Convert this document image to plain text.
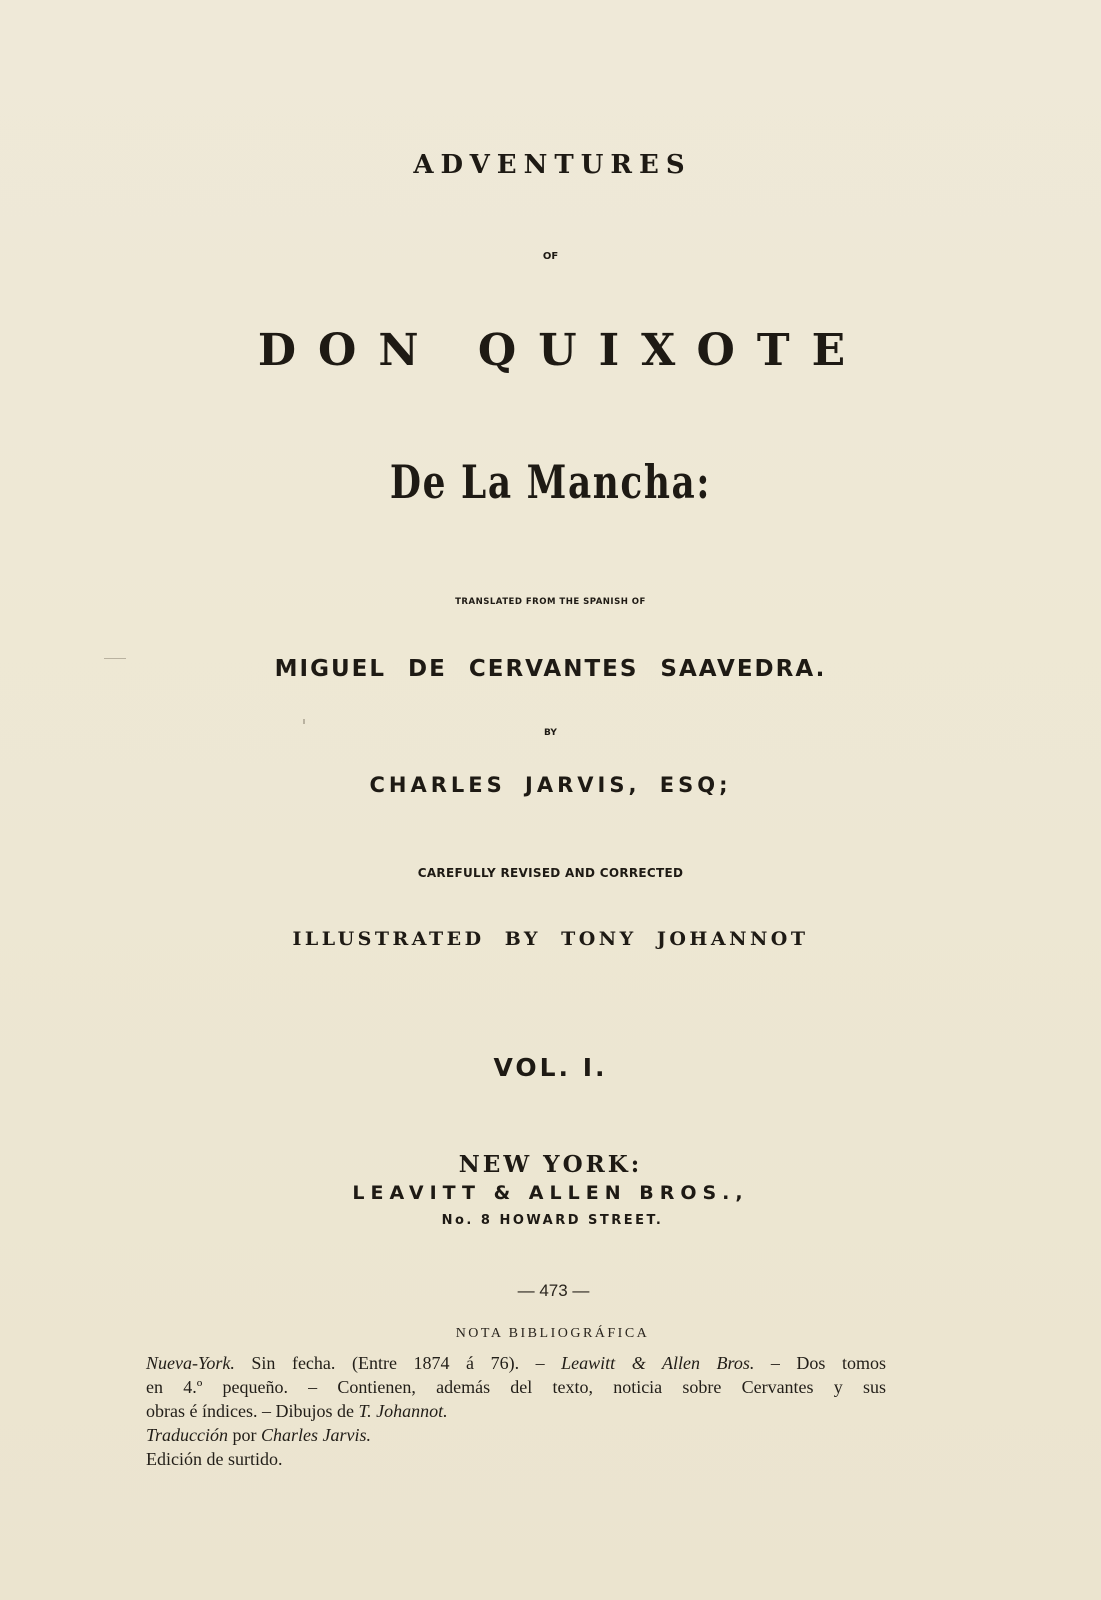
ADVENTURES
OF
DON QUIXOTE
De La Mancha:
TRANSLATED FROM THE SPANISH OF
MIGUEL DE CERVANTES SAAVEDRA.
BY
CHARLES JARVIS, ESQ;
CAREFULLY REVISED AND CORRECTED
ILLUSTRATED BY TONY JOHANNOT
VOL. I.
NEW YORK:
LEAVITT & ALLEN BROS.,
No. 8 HOWARD STREET.
— 473 —
NOTA BIBLIOGRÁFICA

Nueva-York. Sin fecha. (Entre 1874 á 76). – Leawitt & Allen Bros. – Dos tomos

en 4.º pequeño. – Contienen, además del texto, noticia sobre Cervantes y sus

obras é índices. – Dibujos de T. Johannot.

Traducción por Charles Jarvis.

Edición de surtido.
